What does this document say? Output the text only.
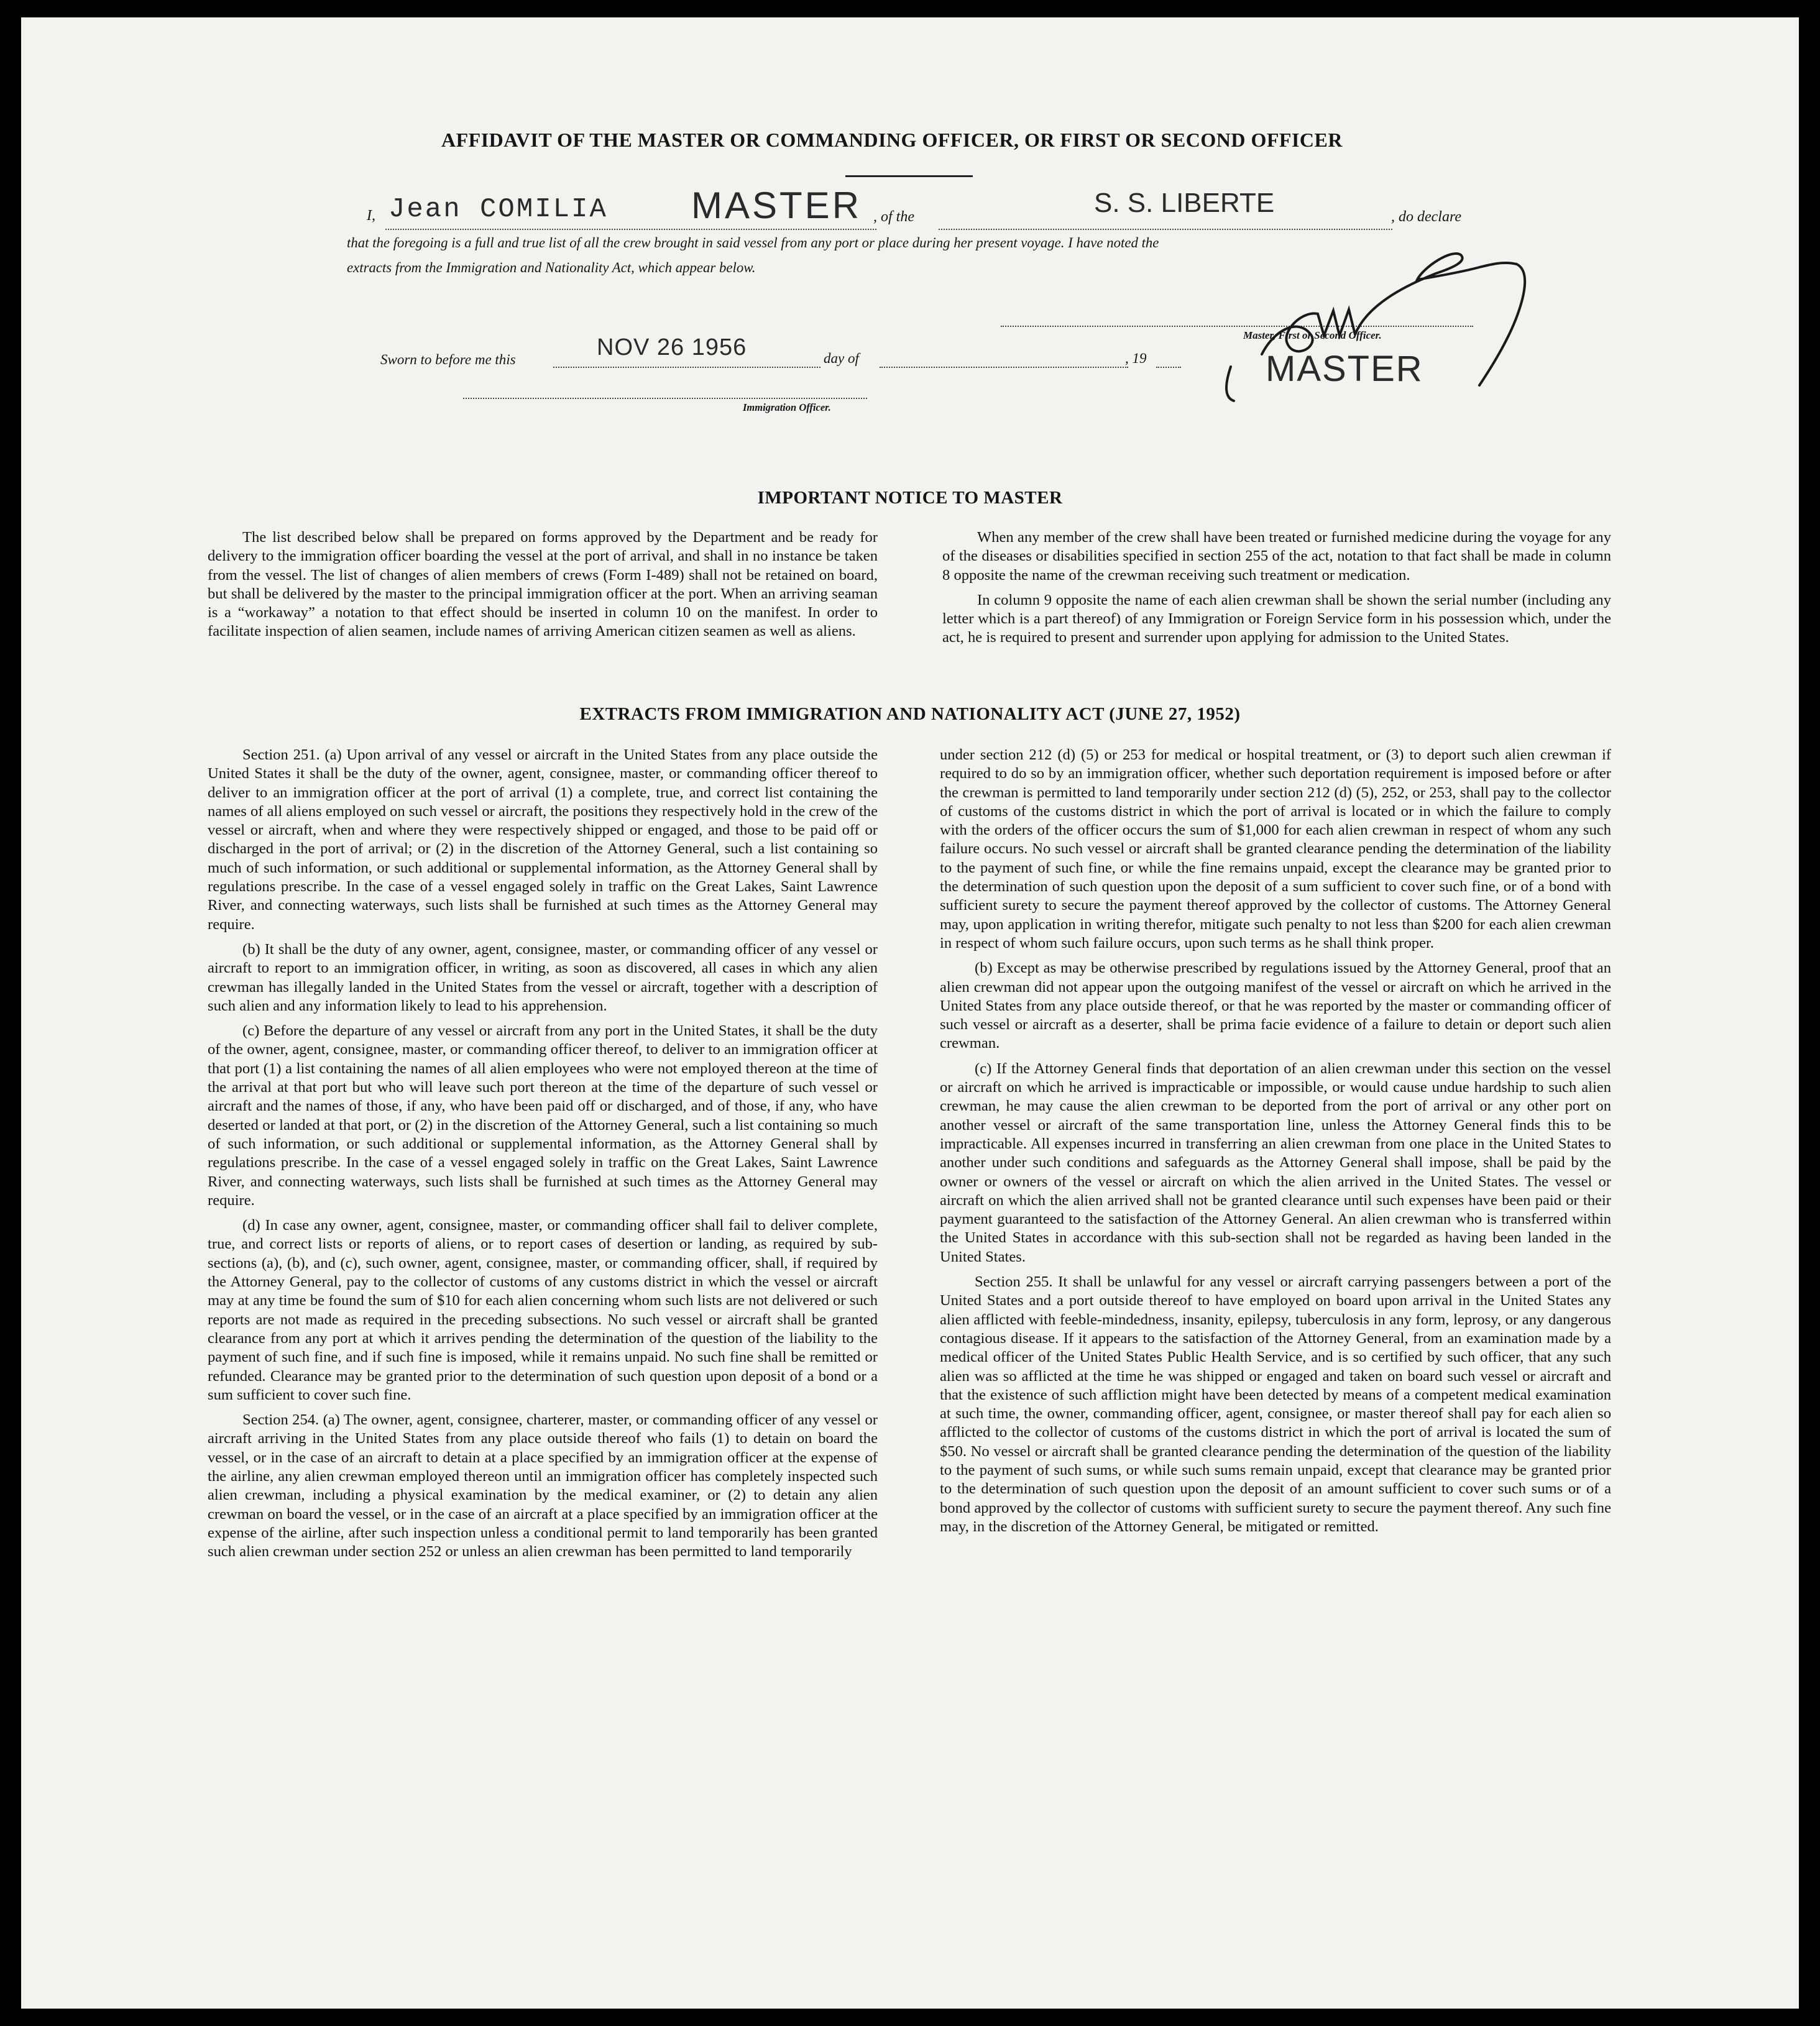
AFFIDAVIT OF THE MASTER OR COMMANDING OFFICER, OR FIRST OR SECOND OFFICER
I, Jean COMILIA MASTER , of the	S. S. LIBERTE	, do declare
that the foregoing is a full and true list of all the crew brought in said vessel from any port or place during her present voyage. I have noted the
extracts from the Immigration and Nationality Act, which appear below.
Master, First or Second Officer.
MASTER
Sworn to before me this	NOV 26 1956	day of	, 19
Immigration Officer.
IMPORTANT NOTICE TO MASTER

The list described below shall be prepared on forms approved by the Department and be ready for delivery to the immigration officer boarding the vessel at the port of arrival, and shall in no instance be taken from the vessel. The list of changes of alien members of crews (Form I-489) shall not be retained on board, but shall be delivered by the master to the principal immigration officer at the port. When an arriving seaman is a “workaway” a notation to that effect should be inserted in column 10 on the manifest. In order to facilitate inspection of alien seamen, include names of arriving American citizen seamen as well as aliens.

When any member of the crew shall have been treated or furnished medicine during the voyage for any of the diseases or disabilities specified in section 255 of the act, notation to that fact shall be made in column 8 opposite the name of the crewman receiving such treatment or medication.

In column 9 opposite the name of each alien crewman shall be shown the serial number (including any letter which is a part thereof) of any Immigration or Foreign Service form in his possession which, under the act, he is required to present and surrender upon applying for admission to the United States.

EXTRACTS FROM IMMIGRATION AND NATIONALITY ACT (JUNE 27, 1952)

Section 251. (a) Upon arrival of any vessel or aircraft in the United States from any place outside the United States it shall be the duty of the owner, agent, consignee, master, or commanding officer thereof to deliver to an immigration officer at the port of arrival (1) a complete, true, and correct list containing the names of all aliens employed on such vessel or aircraft, the positions they respectively hold in the crew of the vessel or aircraft, when and where they were respectively shipped or engaged, and those to be paid off or discharged in the port of arrival; or (2) in the discretion of the Attorney General, such a list containing so much of such information, or such additional or supplemental information, as the Attorney General shall by regulations prescribe. In the case of a vessel engaged solely in traffic on the Great Lakes, Saint Lawrence River, and connecting waterways, such lists shall be furnished at such times as the Attorney General may require.

(b) It shall be the duty of any owner, agent, consignee, master, or commanding officer of any vessel or aircraft to report to an immigration officer, in writing, as soon as discovered, all cases in which any alien crewman has illegally landed in the United States from the vessel or aircraft, together with a description of such alien and any information likely to lead to his apprehension.

(c) Before the departure of any vessel or aircraft from any port in the United States, it shall be the duty of the owner, agent, consignee, master, or commanding officer thereof, to deliver to an immigration officer at that port (1) a list containing the names of all alien employees who were not employed thereon at the time of the arrival at that port but who will leave such port thereon at the time of the departure of such vessel or aircraft and the names of those, if any, who have been paid off or discharged, and of those, if any, who have deserted or landed at that port, or (2) in the discretion of the Attorney General, such a list containing so much of such information, or such additional or supplemental information, as the Attorney General shall by regulations prescribe. In the case of a vessel engaged solely in traffic on the Great Lakes, Saint Lawrence River, and connecting waterways, such lists shall be furnished at such times as the Attorney General may require.

(d) In case any owner, agent, consignee, master, or commanding officer shall fail to deliver complete, true, and correct lists or reports of aliens, or to report cases of desertion or landing, as required by sub-sections (a), (b), and (c), such owner, agent, consignee, master, or commanding officer, shall, if required by the Attorney General, pay to the collector of customs of any customs district in which the vessel or aircraft may at any time be found the sum of $10 for each alien concerning whom such lists are not delivered or such reports are not made as required in the preceding subsections. No such vessel or aircraft shall be granted clearance from any port at which it arrives pending the determination of the question of the liability to the payment of such fine, and if such fine is imposed, while it remains unpaid. No such fine shall be remitted or refunded. Clearance may be granted prior to the determination of such question upon deposit of a bond or a sum sufficient to cover such fine.

Section 254. (a) The owner, agent, consignee, charterer, master, or commanding officer of any vessel or aircraft arriving in the United States from any place outside thereof who fails (1) to detain on board the vessel, or in the case of an aircraft to detain at a place specified by an immigration officer at the expense of the airline, any alien crewman employed thereon until an immigration officer has completely inspected such alien crewman, including a physical examination by the medical examiner, or (2) to detain any alien crewman on board the vessel, or in the case of an aircraft at a place specified by an immigration officer at the expense of the airline, after such inspection unless a conditional permit to land temporarily has been granted such alien crewman under section 252 or unless an alien crewman has been permitted to land temporarily

under section 212 (d) (5) or 253 for medical or hospital treatment, or (3) to deport such alien crewman if required to do so by an immigration officer, whether such deportation requirement is imposed before or after the crewman is permitted to land temporarily under section 212 (d) (5), 252, or 253, shall pay to the collector of customs of the customs district in which the port of arrival is located or in which the failure to comply with the orders of the officer occurs the sum of $1,000 for each alien crewman in respect of whom any such failure occurs. No such vessel or aircraft shall be granted clearance pending the determination of the liability to the payment of such fine, or while the fine remains unpaid, except the clearance may be granted prior to the determination of such question upon the deposit of a sum sufficient to cover such fine, or of a bond with sufficient surety to secure the payment thereof approved by the collector of customs. The Attorney General may, upon application in writing therefor, mitigate such penalty to not less than $200 for each alien crewman in respect of whom such failure occurs, upon such terms as he shall think proper.

(b) Except as may be otherwise prescribed by regulations issued by the Attorney General, proof that an alien crewman did not appear upon the outgoing manifest of the vessel or aircraft on which he arrived in the United States from any place outside thereof, or that he was reported by the master or commanding officer of such vessel or aircraft as a deserter, shall be prima facie evidence of a failure to detain or deport such alien crewman.

(c) If the Attorney General finds that deportation of an alien crewman under this section on the vessel or aircraft on which he arrived is impracticable or impossible, or would cause undue hardship to such alien crewman, he may cause the alien crewman to be deported from the port of arrival or any other port on another vessel or aircraft of the same transportation line, unless the Attorney General finds this to be impracticable. All expenses incurred in transferring an alien crewman from one place in the United States to another under such conditions and safeguards as the Attorney General shall impose, shall be paid by the owner or owners of the vessel or aircraft on which the alien arrived in the United States. The vessel or aircraft on which the alien arrived shall not be granted clearance until such expenses have been paid or their payment guaranteed to the satisfaction of the Attorney General. An alien crewman who is transferred within the United States in accordance with this sub-section shall not be regarded as having been landed in the United States.

Section 255. It shall be unlawful for any vessel or aircraft carrying passengers between a port of the United States and a port outside thereof to have employed on board upon arrival in the United States any alien afflicted with feeble-mindedness, insanity, epilepsy, tuberculosis in any form, leprosy, or any dangerous contagious disease. If it appears to the satisfaction of the Attorney General, from an examination made by a medical officer of the United States Public Health Service, and is so certified by such officer, that any such alien was so afflicted at the time he was shipped or engaged and taken on board such vessel or aircraft and that the existence of such affliction might have been detected by means of a competent medical examination at such time, the owner, commanding officer, agent, consignee, or master thereof shall pay for each alien so afflicted to the collector of customs of the customs district in which the port of arrival is located the sum of $50. No vessel or aircraft shall be granted clearance pending the determination of the question of the liability to the payment of such sums, or while such sums remain unpaid, except that clearance may be granted prior to the determination of such question upon the deposit of an amount sufficient to cover such sums or of a bond approved by the collector of customs with sufficient surety to secure the payment thereof. Any such fine may, in the discretion of the Attorney General, be mitigated or remitted.
